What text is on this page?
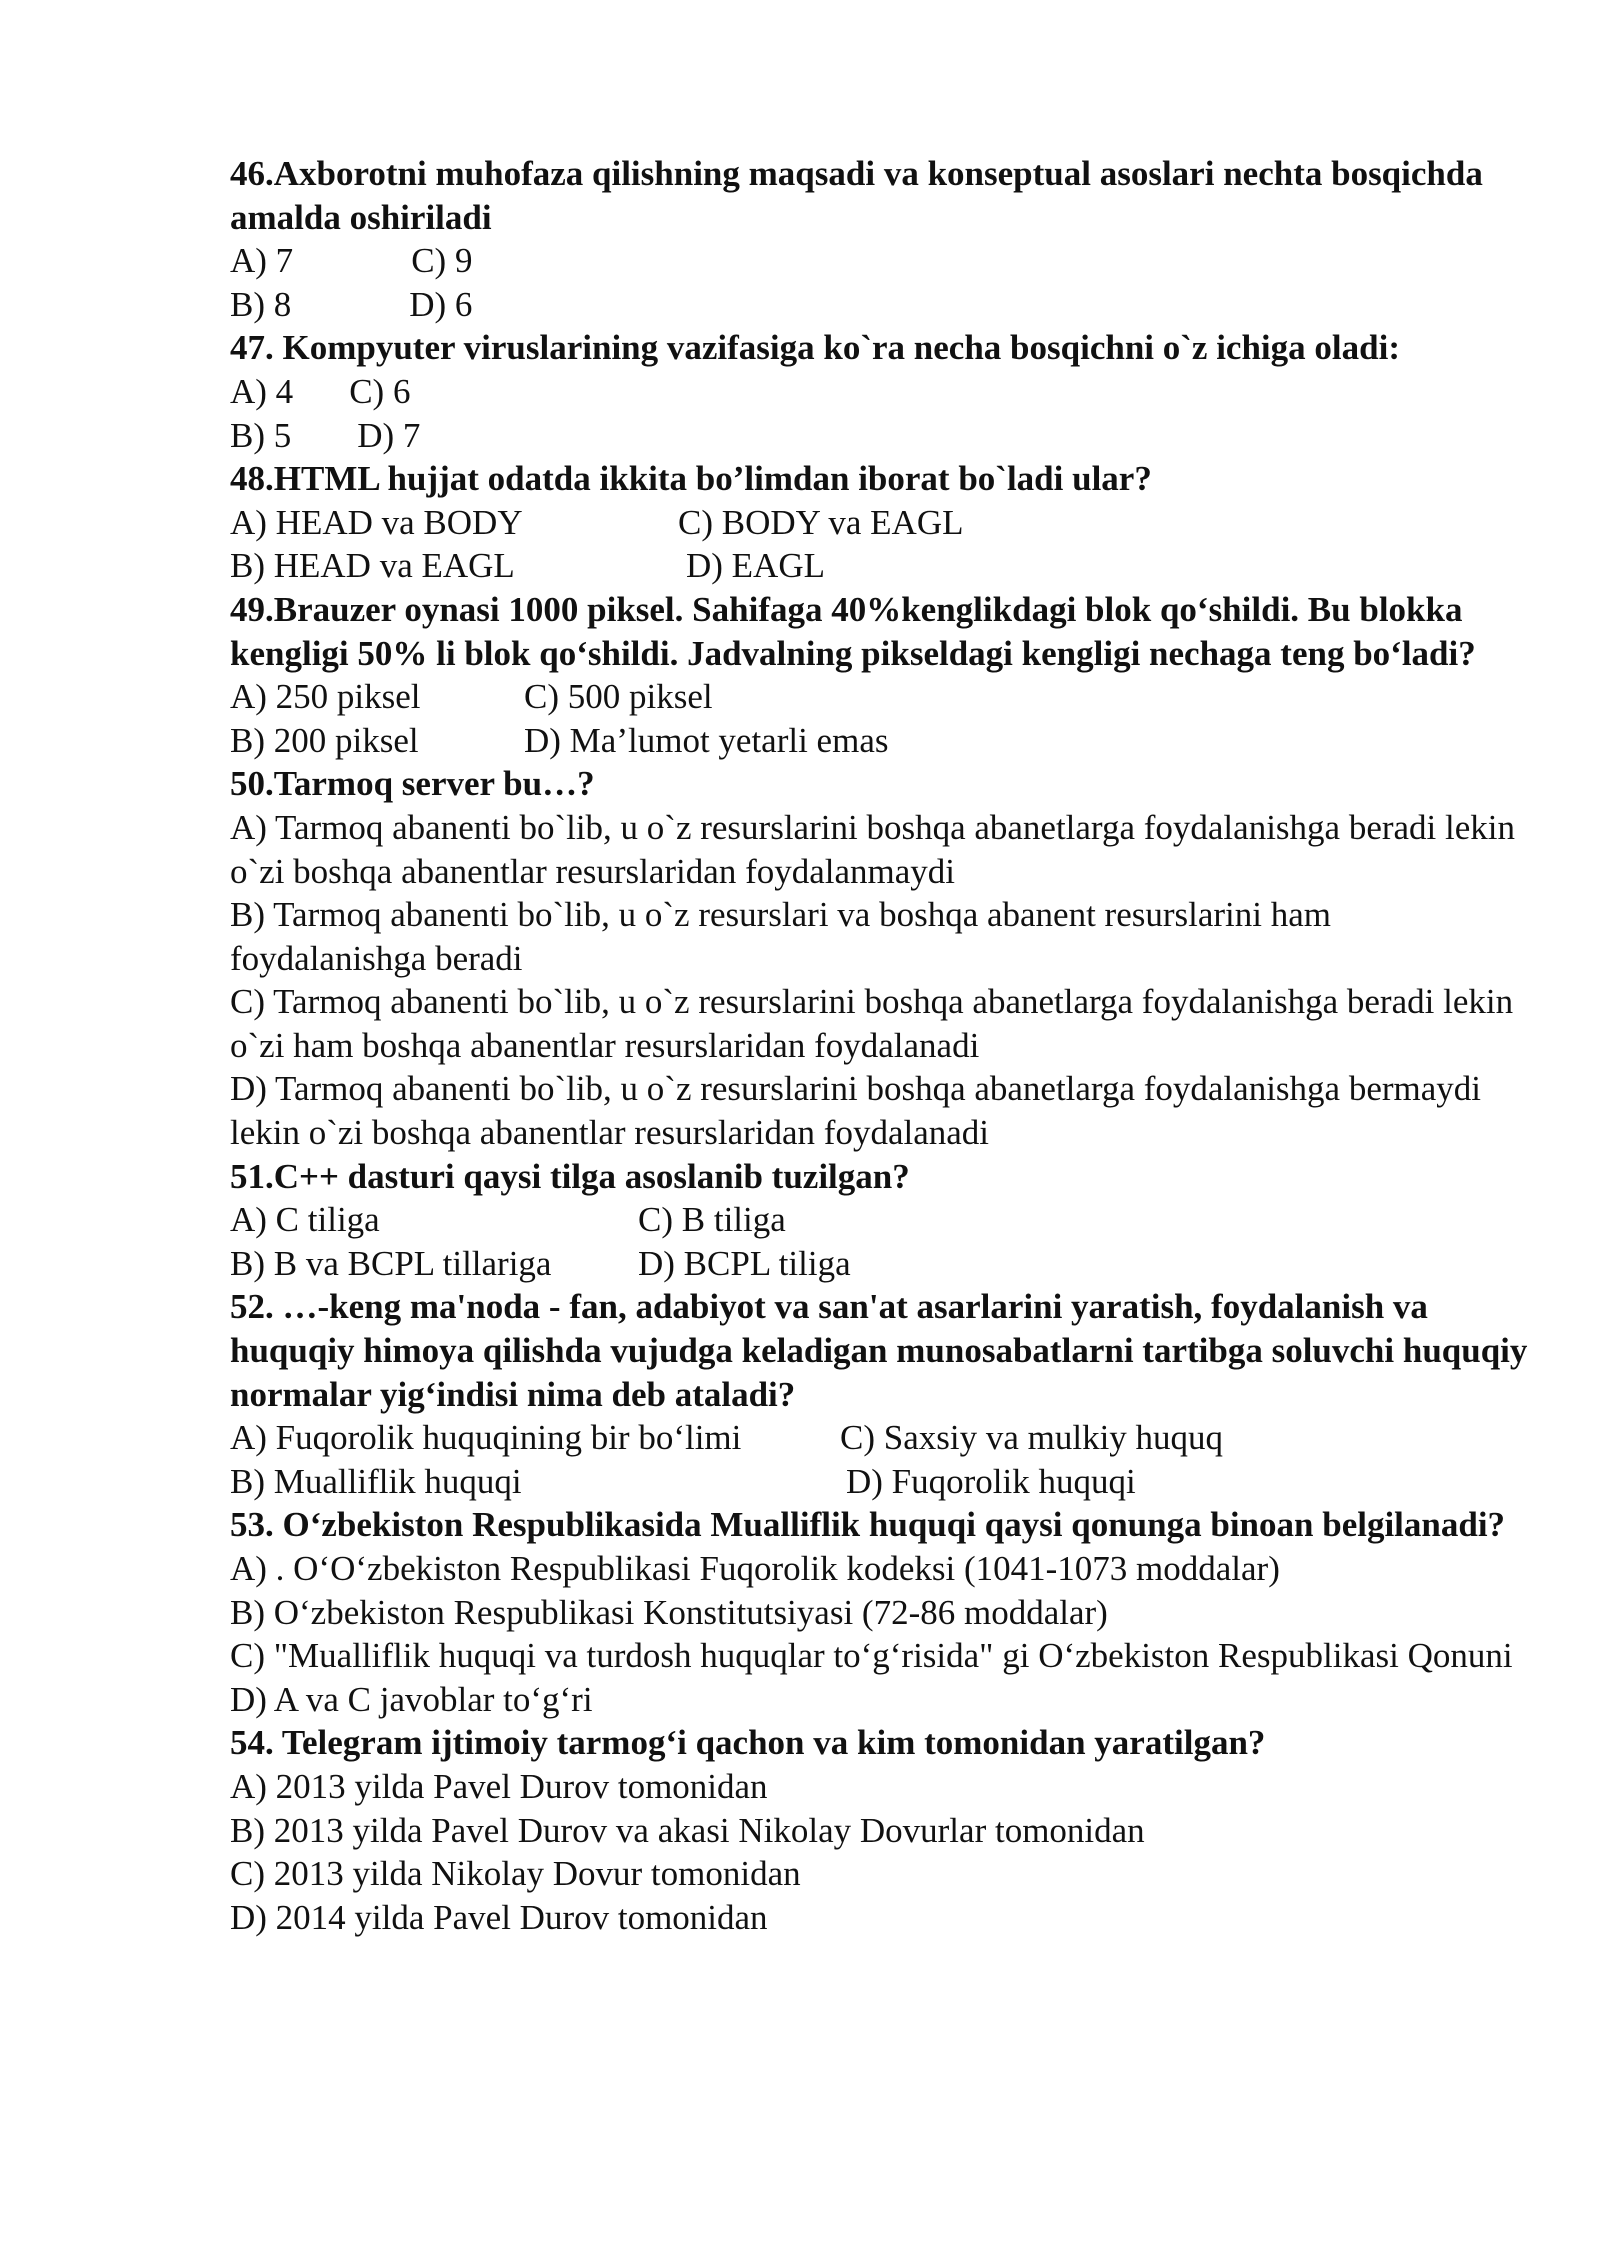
46.Axborotni muhofaza qilishning maqsadi va konseptual asoslari nechta bosqichda amalda oshiriladi
A) 7	C) 9
B) 8	D) 6
47. Kompyuter viruslarining vazifasiga ko`ra necha bosqichni o`z ichiga oladi:
A) 4 C) 6
B) 5 D) 7
48.HTML hujjat odatda ikkita bo’limdan iborat bo`ladi ular?
A) HEAD va BODY	C) BODY va EAGL
B) HEAD va EAGL	D) EAGL
49.Brauzer oynasi 1000 piksel. Sahifaga 40%kenglikdagi blok qo‘shildi. Bu blokka kengligi 50% li blok qo‘shildi. Jadvalning pikseldagi kengligi nechaga teng bo‘ladi?
A) 250 piksel	C) 500 piksel
B) 200 piksel	D) Ma’lumot yetarli emas
50.Tarmoq server bu…?
A) Tarmoq abanenti bo`lib, u o`z resurslarini boshqa abanetlarga foydalanishga beradi lekin o`zi boshqa abanentlar resurslaridan foydalanmaydi
B) Tarmoq abanenti bo`lib, u o`z resurslari va boshqa abanent resurslarini ham foydalanishga beradi
C) Tarmoq abanenti bo`lib, u o`z resurslarini boshqa abanetlarga foydalanishga beradi lekin o`zi ham boshqa abanentlar resurslaridan foydalanadi
D) Tarmoq abanenti bo`lib, u o`z resurslarini boshqa abanetlarga foydalanishga bermaydi lekin o`zi boshqa abanentlar resurslaridan foydalanadi
51.C++ dasturi qaysi tilga asoslanib tuzilgan?
A) C tiliga	C) B tiliga
B) B va BCPL tillariga D) BCPL tiliga
52. …-keng ma'noda - fan, adabiyot va san'at asarlarini yaratish, foydalanish va huquqiy himoya qilishda vujudga keladigan munosabatlarni tartibga soluvchi huquqiy normalar yig‘indisi nima deb ataladi?
A) Fuqorolik huquqining bir bo‘limi	C) Saxsiy va mulkiy huquq
B) Mualliflik huquqi	D) Fuqorolik huquqi
53. O‘zbekiston Respublikasida Mualliflik huquqi qaysi qonunga binoan belgilanadi?
A) . O‘O‘zbekiston Respublikasi Fuqorolik kodeksi (1041-1073 moddalar)
B) O‘zbekiston Respublikasi Konstitutsiyasi (72-86 moddalar)
C) "Mualliflik huquqi va turdosh huquqlar to‘g‘risida" gi O‘zbekiston Respublikasi Qonuni
D) A va C javoblar to‘g‘ri
54. Telegram ijtimoiy tarmog‘i qachon va kim tomonidan yaratilgan?
A) 2013 yilda Pavel Durov tomonidan
B) 2013 yilda Pavel Durov va akasi Nikolay Dovurlar tomonidan
C) 2013 yilda Nikolay Dovur tomonidan
D) 2014 yilda Pavel Durov tomonidan
